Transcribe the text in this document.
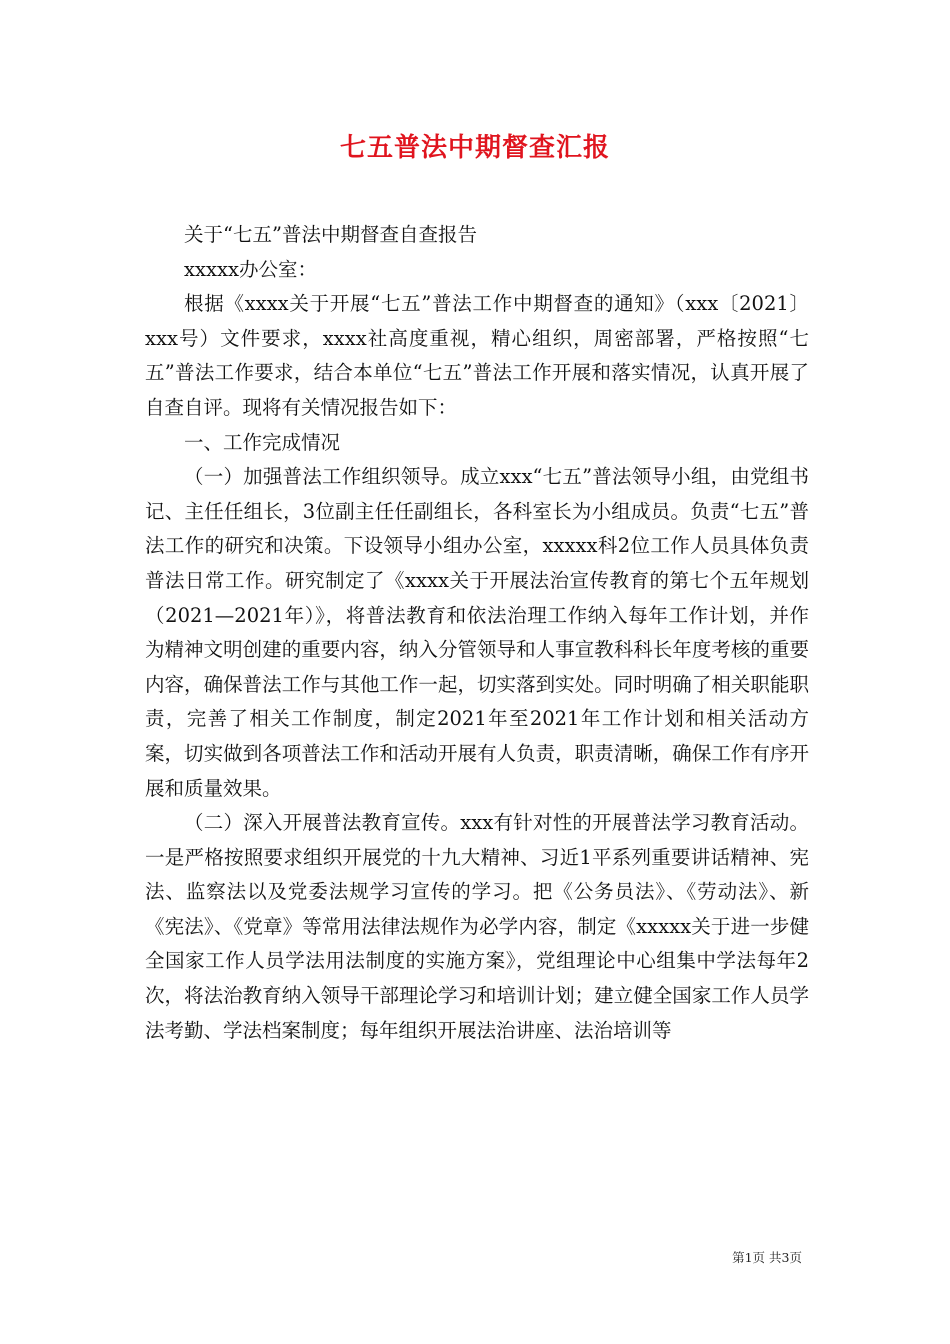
七五普法中期督查汇报

关于“七五”普法中期督查自查报告

xxxxx办公室：

根据《xxxx关于开展“七五”普法工作中期督查的通知》（xxx〔2021〕xxx号）文件要求，xxxx社高度重视，精心组织，周密部署，严格按照“七五”普法工作要求，结合本单位“七五”普法工作开展和落实情况，认真开展了自查自评。现将有关情况报告如下：

一、工作完成情况

（一）加强普法工作组织领导。成立xxx“七五”普法领导小组，由党组书记、主任任组长，3位副主任任副组长，各科室长为小组成员。负责“七五”普法工作的研究和决策。下设领导小组办公室，xxxxx科2位工作人员具体负责普法日常工作。研究制定了《xxxx关于开展法治宣传教育的第七个五年规划（2021—2021年）》，将普法教育和依法治理工作纳入每年工作计划，并作为精神文明创建的重要内容，纳入分管领导和人事宣教科科长年度考核的重要内容，确保普法工作与其他工作一起，切实落到实处。同时明确了相关职能职责，完善了相关工作制度，制定2021年至2021年工作计划和相关活动方案，切实做到各项普法工作和活动开展有人负责，职责清晰，确保工作有序开展和质量效果。

（二）深入开展普法教育宣传。xxx有针对性的开展普法学习教育活动。一是严格按照要求组织开展党的十九大精神、习近1平系列重要讲话精神、宪法、监察法以及党委法规学习宣传的学习。把《公务员法》、《劳动法》、新《宪法》、《党章》等常用法律法规作为必学内容，制定《xxxxx关于进一步健全国家工作人员学法用法制度的实施方案》，党组理论中心组集中学法每年2次，将法治教育纳入领导干部理论学习和培训计划；建立健全国家工作人员学法考勤、学法档案制度；每年组织开展法治讲座、法治培训等

第1页 共3页
